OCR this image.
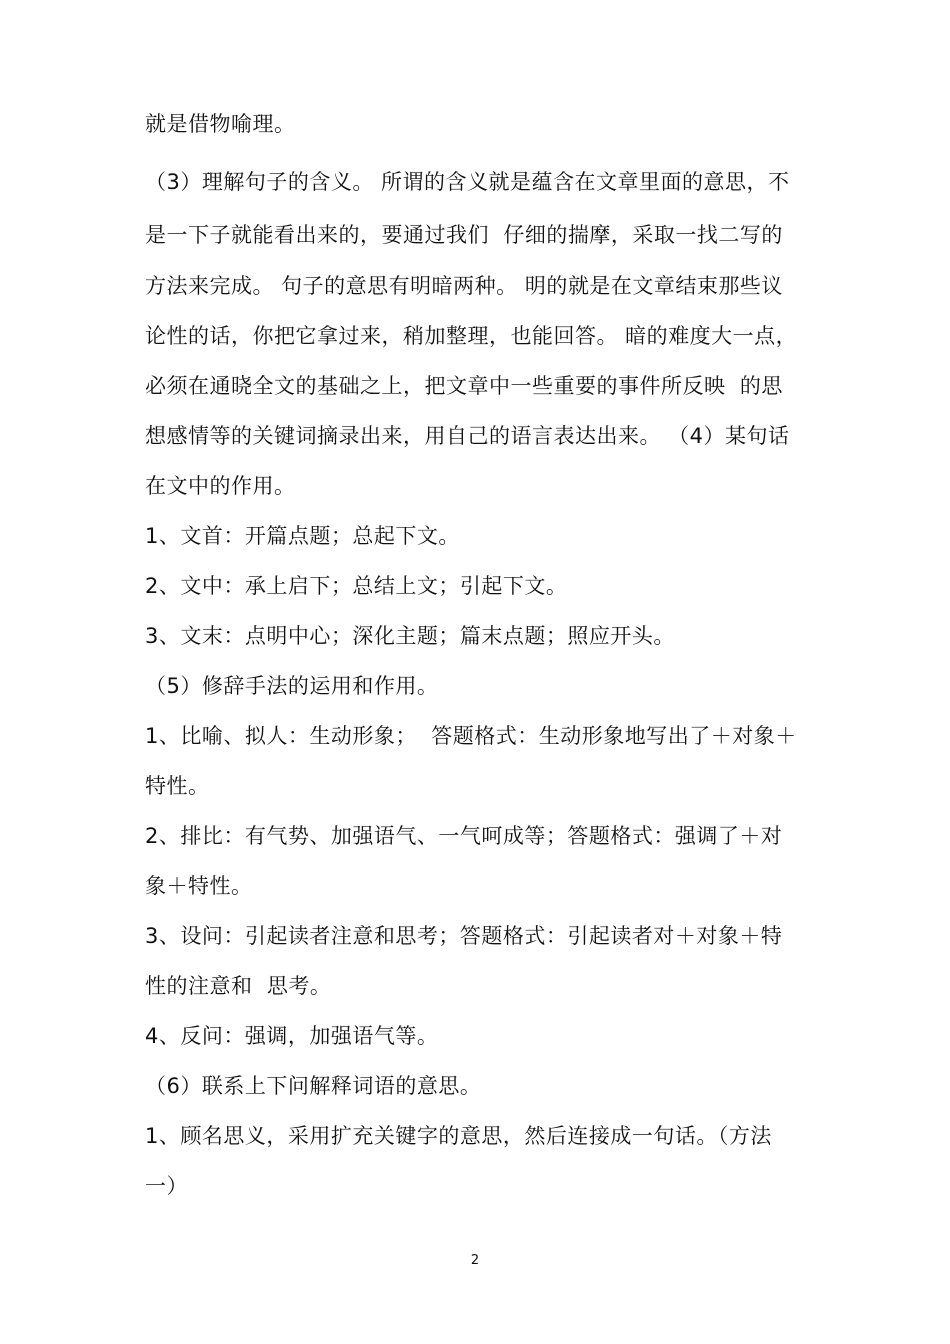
就是借物喻理。
（3）理解句子的含义。 所谓的含义就是蕴含在文章里面的意思，不
是一下子就能看出来的，要通过我们  仔细的揣摩，采取一找二写的
方法来完成。 句子的意思有明暗两种。 明的就是在文章结束那些议
论性的话，你把它拿过来，稍加整理，也能回答。 暗的难度大一点，
必须在通晓全文的基础之上，把文章中一些重要的事件所反映  的思
想感情等的关键词摘录出来，用自己的语言表达出来。 （4）某句话
在文中的作用。
1、文首：开篇点题；总起下文。
2、文中：承上启下；总结上文；引起下文。
3、文末：点明中心；深化主题；篇末点题；照应开头。
（5）修辞手法的运用和作用。
1、比喻、拟人：生动形象；  答题格式：生动形象地写出了＋对象＋
特性。
2、排比：有气势、加强语气、一气呵成等；答题格式：强调了＋对
象＋特性。
3、设问：引起读者注意和思考；答题格式：引起读者对＋对象＋特
性的注意和  思考。
4、反问：强调，加强语气等。
（6）联系上下问解释词语的意思。
1、顾名思义，采用扩充关键字的意思，然后连接成一句话。（方法
一）
2
